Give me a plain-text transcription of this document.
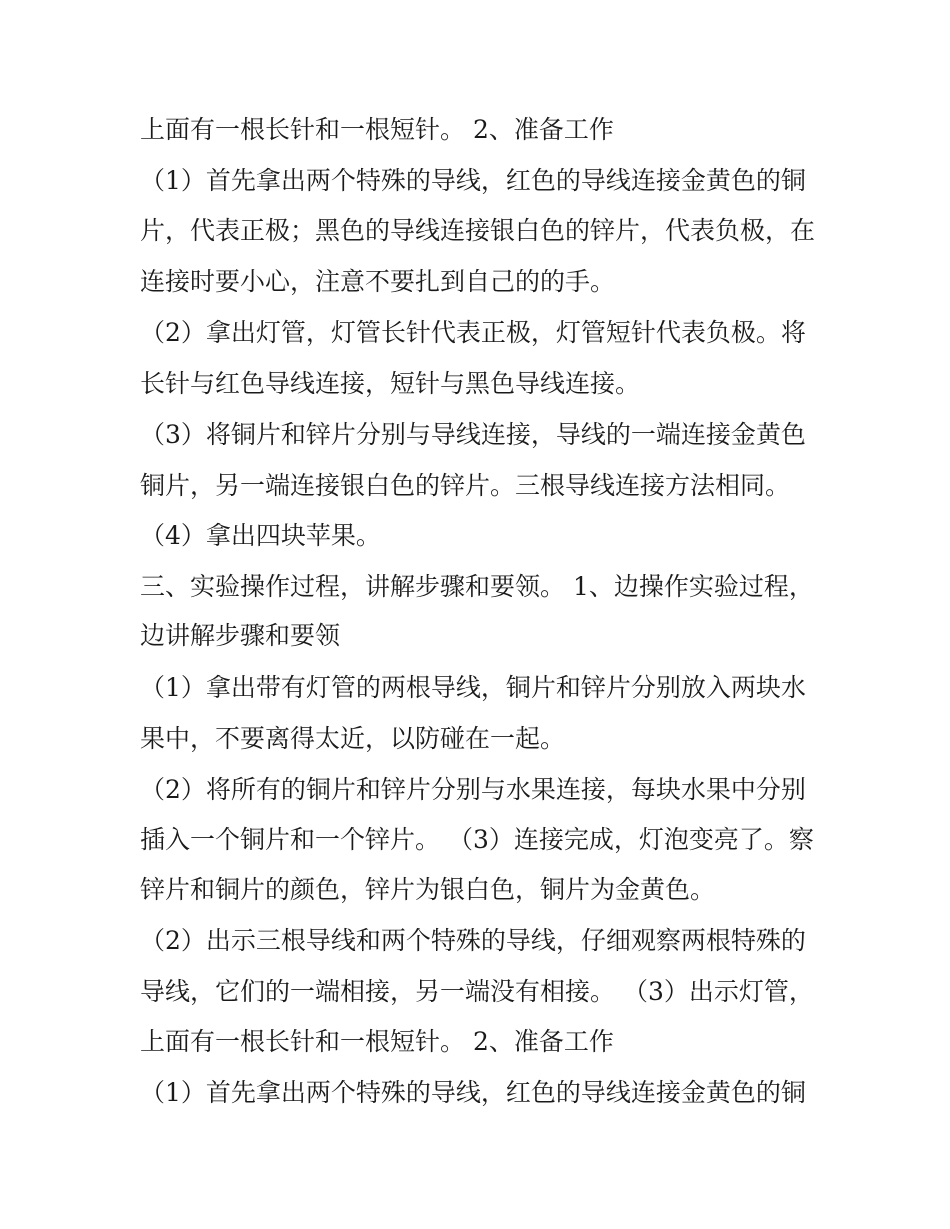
上面有一根长针和一根短针。 2、准备工作
（1）首先拿出两个特殊的导线，红色的导线连接金黄色的铜
片，代表正极；黑色的导线连接银白色的锌片，代表负极，在
连接时要小心，注意不要扎到自己的的手。
（2）拿出灯管，灯管长针代表正极，灯管短针代表负极。将
长针与红色导线连接，短针与黑色导线连接。
（3）将铜片和锌片分别与导线连接，导线的一端连接金黄色
铜片，另一端连接银白色的锌片。三根导线连接方法相同。
（4）拿出四块苹果。
三、实验操作过程，讲解步骤和要领。 1、边操作实验过程，
边讲解步骤和要领
（1）拿出带有灯管的两根导线，铜片和锌片分别放入两块水
果中，不要离得太近，以防碰在一起。
（2）将所有的铜片和锌片分别与水果连接，每块水果中分别
插入一个铜片和一个锌片。 （3）连接完成，灯泡变亮了。察
锌片和铜片的颜色，锌片为银白色，铜片为金黄色。
（2）出示三根导线和两个特殊的导线，仔细观察两根特殊的
导线，它们的一端相接，另一端没有相接。 （3）出示灯管，
上面有一根长针和一根短针。 2、准备工作
（1）首先拿出两个特殊的导线，红色的导线连接金黄色的铜
